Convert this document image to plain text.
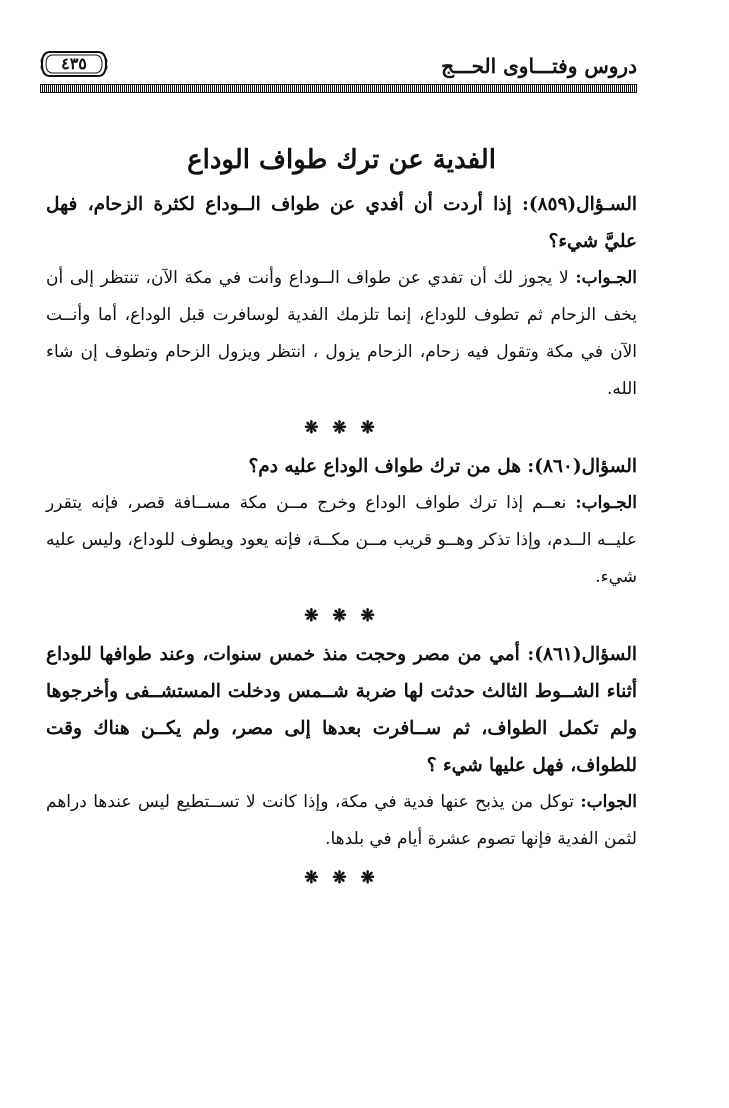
دروس وفتـــاوى الحـــج
٤٣٥
الفدية عن ترك طواف الوداع

السـؤال(٨٥٩): إذا أردت أن أفدي عن طواف الــوداع لكثرة الزحام، فهل عليَّ شيء؟

الجـواب: لا يجوز لك أن تفدي عن طواف الــوداع وأنت في مكة الآن، تنتظر إلى أن يخف الزحام ثم تطوف للوداع، إنما تلزمك الفدية لوسافرت قبل الوداع، أما وأنــت الآن في مكة وتقول فيه زحام، الزحام يزول ، انتظر ويزول الزحام وتطوف إن شاء الله.

❋ ❋ ❋

السؤال(٨٦٠): هل من ترك طواف الوداع عليه دم؟

الجـواب: نعــم إذا ترك طواف الوداع وخرج مــن مكة مســافة قصر، فإنه يتقرر عليــه الــدم، وإذا تذكر وهــو قريب مــن مكــة، فإنه يعود ويطوف للوداع، وليس عليه شيء.

❋ ❋ ❋

السؤال(٨٦١): أمي من مصر وحجت منذ خمس سنوات، وعند طوافها للوداع أثناء الشــوط الثالث حدثت لها ضربة شــمس ودخلت المستشــفى وأخرجوها ولم تكمل الطواف، ثم ســافرت بعدها إلى مصر، ولم يكــن هناك وقت للطواف، فهل عليها شيء ؟

الجواب: توكل من يذبح عنها فدية في مكة، وإذا كانت لا تســتطيع ليس عندها دراهم لثمن الفدية فإنها تصوم عشرة أيام في بلدها.

❋ ❋ ❋
